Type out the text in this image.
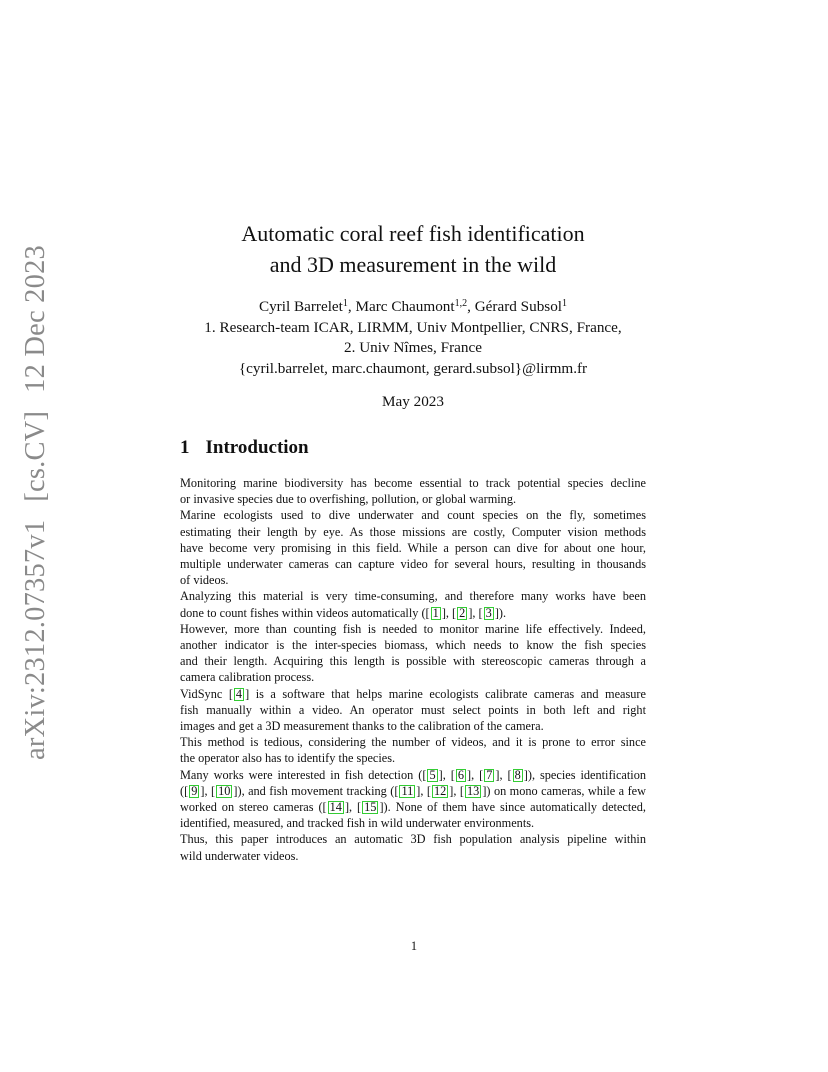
arXiv:2312.07357v1[cs.CV]12 Dec 2023
Automatic coral reef fish identification
and 3D measurement in the wild
Cyril Barrelet$^1$, Marc Chaumont$^{1,2}$, Gérard Subsol$^1$
1. Research-team ICAR, LIRMM, Univ Montpellier, CNRS, France,
2. Univ Nîmes, France
{cyril.barrelet, marc.chaumont, gerard.subsol}@lirmm.fr
May 2023
1 Introduction

Monitoring marine biodiversity has become essential to track potential species decline
or invasive species due to overfishing, pollution, or global warming.

Marine ecologists used to dive underwater and count species on the fly, sometimes
estimating their length by eye. As those missions are costly, Computer vision methods
have become very promising in this field. While a person can dive for about one hour,
multiple underwater cameras can capture video for several hours, resulting in thousands
of videos.

Analyzing this material is very time-consuming, and therefore many works have been
done to count fishes within videos automatically ([ 1 ], [ 2 ], [ 3 ]).

However, more than counting fish is needed to monitor marine life effectively. Indeed,
another indicator is the inter-species biomass, which needs to know the fish species
and their length. Acquiring this length is possible with stereoscopic cameras through a
camera calibration process.

VidSync [ 4 ] is a software that helps marine ecologists calibrate cameras and measure
fish manually within a video. An operator must select points in both left and right
images and get a 3D measurement thanks to the calibration of the camera.

This method is tedious, considering the number of videos, and it is prone to error since
the operator also has to identify the species.

Many works were interested in fish detection ([ 5 ], [ 6 ], [ 7 ], [ 8 ]), species identification
([ 9 ], [ 10 ]), and fish movement tracking ([ 11 ], [ 12 ], [ 13 ]) on mono cameras, while a few
worked on stereo cameras ([ 14 ], [ 15 ]). None of them have since automatically detected,
identified, measured, and tracked fish in wild underwater environments.

Thus, this paper introduces an automatic 3D fish population analysis pipeline within
wild underwater videos.

1
